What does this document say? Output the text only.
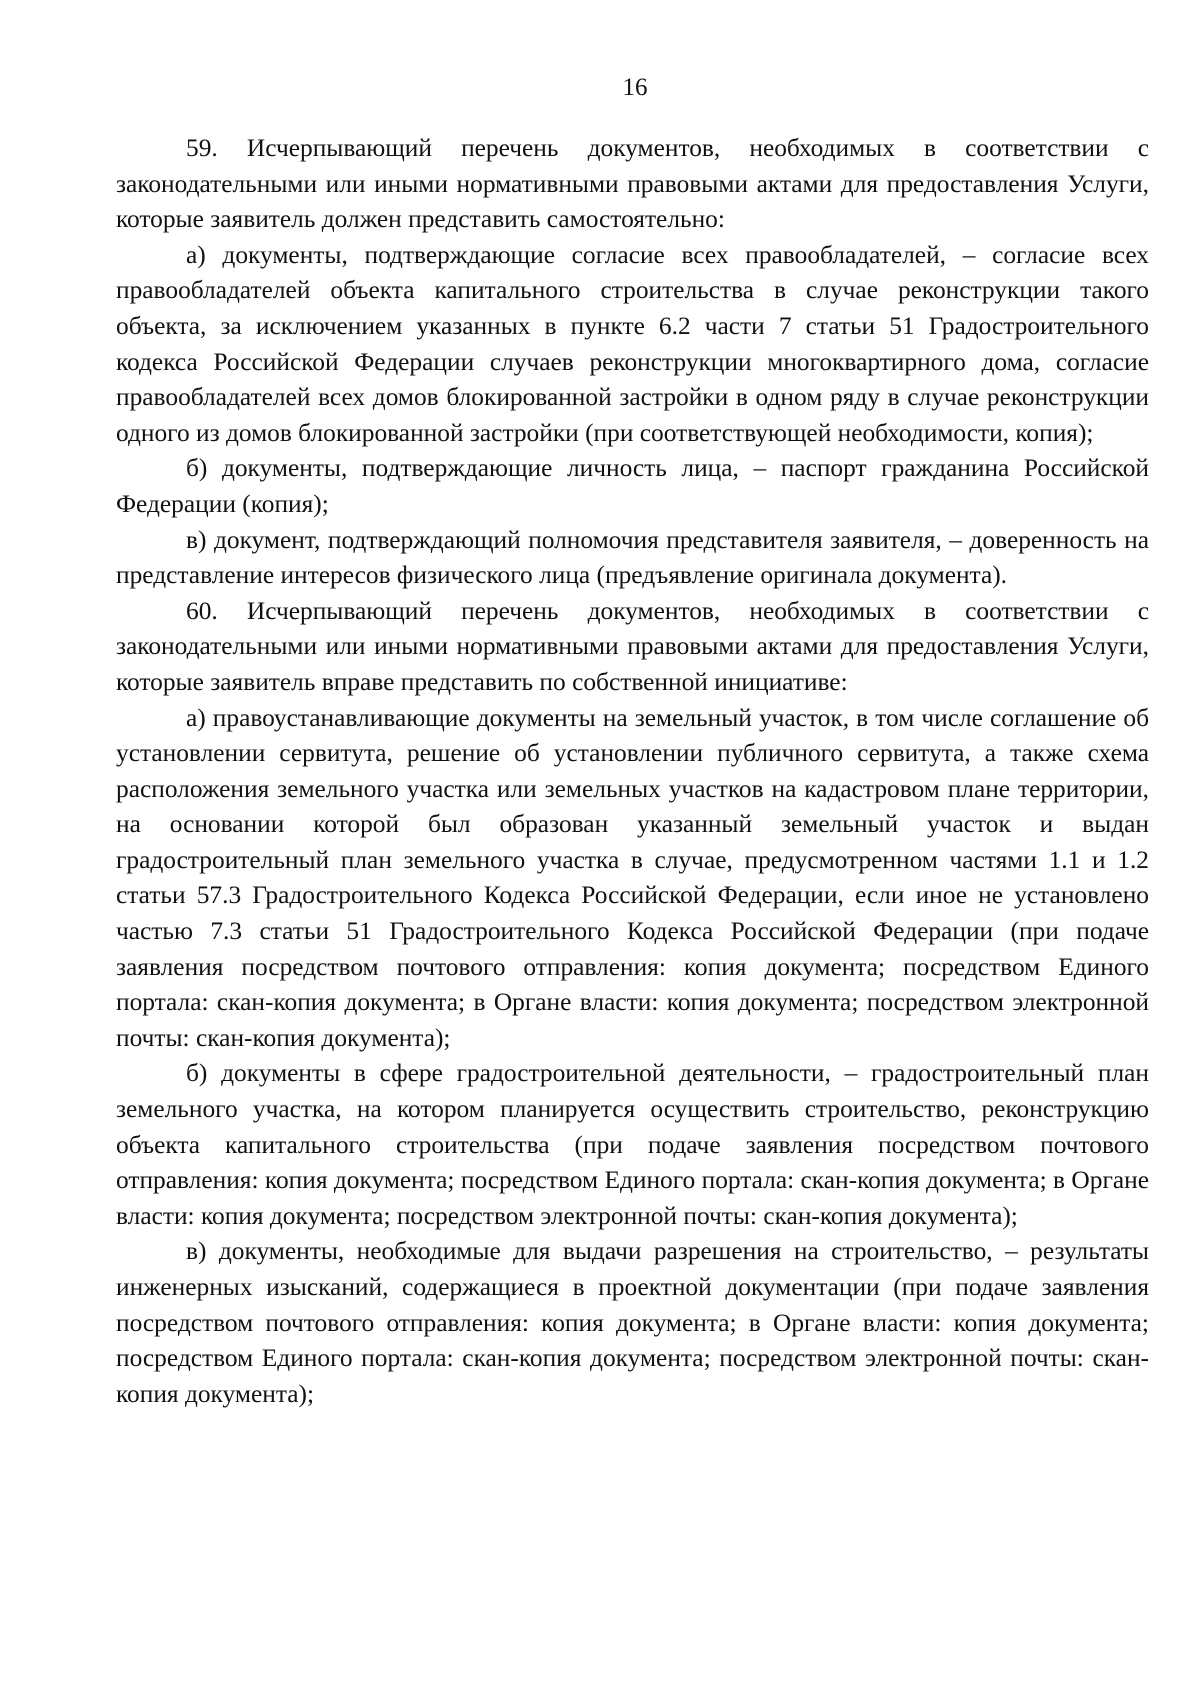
16

59. Исчерпывающий перечень документов, необходимых в соответствии с законодательными или иными нормативными правовыми актами для предоставления Услуги, которые заявитель должен представить самостоятельно:

а) документы, подтверждающие согласие всех правообладателей, – согласие всех правообладателей объекта капитального строительства в случае реконструкции такого объекта, за исключением указанных в пункте 6.2 части 7 статьи 51 Градостроительного кодекса Российской Федерации случаев реконструкции многоквартирного дома, согласие правообладателей всех домов блокированной застройки в одном ряду в случае реконструкции одного из домов блокированной застройки (при соответствующей необходимости, копия);

б) документы, подтверждающие личность лица, – паспорт гражданина Российской Федерации (копия);

в) документ, подтверждающий полномочия представителя заявителя, – доверенность на представление интересов физического лица (предъявление оригинала документа).

60. Исчерпывающий перечень документов, необходимых в соответствии с законодательными или иными нормативными правовыми актами для предоставления Услуги, которые заявитель вправе представить по собственной инициативе:

а) правоустанавливающие документы на земельный участок, в том числе соглашение об установлении сервитута, решение об установлении публичного сервитута, а также схема расположения земельного участка или земельных участков на кадастровом плане территории, на основании которой был образован указанный земельный участок и выдан градостроительный план земельного участка в случае, предусмотренном частями 1.1 и 1.2 статьи 57.3 Градостроительного Кодекса Российской Федерации, если иное не установлено частью 7.3 статьи 51 Градостроительного Кодекса Российской Федерации (при подаче заявления посредством почтового отправления: копия документа; посредством Единого портала: скан-копия документа; в Органе власти: копия документа; посредством электронной почты: скан-копия документа);

б) документы в сфере градостроительной деятельности, – градостроительный план земельного участка, на котором планируется осуществить строительство, реконструкцию объекта капитального строительства (при подаче заявления посредством почтового отправления: копия документа; посредством Единого портала: скан-копия документа; в Органе власти: копия документа; посредством электронной почты: скан-копия документа);

в) документы, необходимые для выдачи разрешения на строительство, – результаты инженерных изысканий, содержащиеся в проектной документации (при подаче заявления посредством почтового отправления: копия документа; в Органе власти: копия документа; посредством Единого портала: скан-копия документа; посредством электронной почты: скан-копия документа);
